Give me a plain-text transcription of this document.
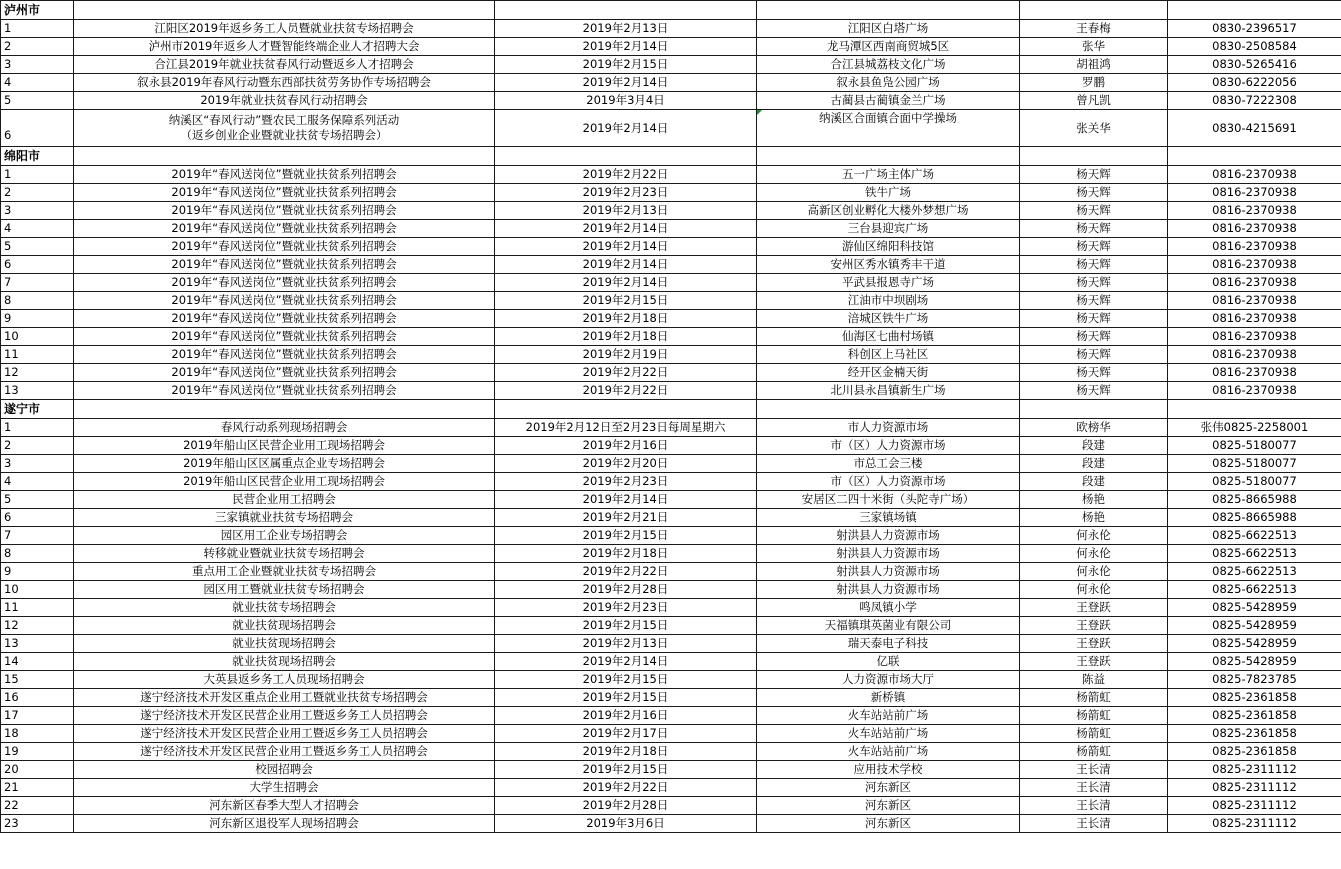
泸州市					
1	江阳区2019年返乡务工人员暨就业扶贫专场招聘会	2019年2月13日	江阳区白塔广场	王春梅	0830-2396517
2	泸州市2019年返乡人才暨智能终端企业人才招聘大会	2019年2月14日	龙马潭区西南商贸城5区	张华	0830-2508584
3	合江县2019年就业扶贫春风行动暨返乡人才招聘会	2019年2月15日	合江县城荔枝文化广场	胡祖鸿	0830-5265416
4	叙永县2019年春风行动暨东西部扶贫劳务协作专场招聘会	2019年2月14日	叙永县鱼凫公园广场	罗鹏	0830-6222056
5	2019年就业扶贫春风行动招聘会	2019年3月4日	古蔺县古蔺镇金兰广场	曾凡凯	0830-7222308
6	纳溪区“春风行动”暨农民工服务保障系列活动
（返乡创业企业暨就业扶贫专场招聘会）	2019年2月14日	纳溪区合面镇合面中学操场	张关华	0830-4215691
绵阳市					
1	2019年“春风送岗位”暨就业扶贫系列招聘会	2019年2月22日	五一广场主体广场	杨天辉	0816-2370938
2	2019年“春风送岗位”暨就业扶贫系列招聘会	2019年2月23日	铁牛广场	杨天辉	0816-2370938
3	2019年“春风送岗位”暨就业扶贫系列招聘会	2019年2月13日	高新区创业孵化大楼外梦想广场	杨天辉	0816-2370938
4	2019年“春风送岗位”暨就业扶贫系列招聘会	2019年2月14日	三台县迎宾广场	杨天辉	0816-2370938
5	2019年“春风送岗位”暨就业扶贫系列招聘会	2019年2月14日	游仙区绵阳科技馆	杨天辉	0816-2370938
6	2019年“春风送岗位”暨就业扶贫系列招聘会	2019年2月14日	安州区秀水镇秀丰干道	杨天辉	0816-2370938
7	2019年“春风送岗位”暨就业扶贫系列招聘会	2019年2月14日	平武县报恩寺广场	杨天辉	0816-2370938
8	2019年“春风送岗位”暨就业扶贫系列招聘会	2019年2月15日	江油市中坝剧场	杨天辉	0816-2370938
9	2019年“春风送岗位”暨就业扶贫系列招聘会	2019年2月18日	涪城区铁牛广场	杨天辉	0816-2370938
10	2019年“春风送岗位”暨就业扶贫系列招聘会	2019年2月18日	仙海区七曲村场镇	杨天辉	0816-2370938
11	2019年“春风送岗位”暨就业扶贫系列招聘会	2019年2月19日	科创区上马社区	杨天辉	0816-2370938
12	2019年“春风送岗位”暨就业扶贫系列招聘会	2019年2月22日	经开区金楠天街	杨天辉	0816-2370938
13	2019年“春风送岗位”暨就业扶贫系列招聘会	2019年2月22日	北川县永昌镇新生广场	杨天辉	0816-2370938
遂宁市					
1	春风行动系列现场招聘会	2019年2月12日至2月23日每周星期六	市人力资源市场	欧榜华	张伟0825-2258001
2	2019年船山区民营企业用工现场招聘会	2019年2月16日	市（区）人力资源市场	段建	0825-5180077
3	2019年船山区区属重点企业专场招聘会	2019年2月20日	市总工会三楼	段建	0825-5180077
4	2019年船山区民营企业用工现场招聘会	2019年2月23日	市（区）人力资源市场	段建	0825-5180077
5	民营企业用工招聘会	2019年2月14日	安居区二四十米街（头陀寺广场）	杨艳	0825-8665988
6	三家镇就业扶贫专场招聘会	2019年2月21日	三家镇场镇	杨艳	0825-8665988
7	园区用工企业专场招聘会	2019年2月15日	射洪县人力资源市场	何永伦	0825-6622513
8	转移就业暨就业扶贫专场招聘会	2019年2月18日	射洪县人力资源市场	何永伦	0825-6622513
9	重点用工企业暨就业扶贫专场招聘会	2019年2月22日	射洪县人力资源市场	何永伦	0825-6622513
10	园区用工暨就业扶贫专场招聘会	2019年2月28日	射洪县人力资源市场	何永伦	0825-6622513
11	就业扶贫专场招聘会	2019年2月23日	鸣凤镇小学	王登跃	0825-5428959
12	就业扶贫现场招聘会	2019年2月15日	天福镇琪英菌业有限公司	王登跃	0825-5428959
13	就业扶贫现场招聘会	2019年2月13日	瑞天泰电子科技	王登跃	0825-5428959
14	就业扶贫现场招聘会	2019年2月14日	亿联	王登跃	0825-5428959
15	大英县返乡务工人员现场招聘会	2019年2月15日	人力资源市场大厅	陈益	0825-7823785
16	遂宁经济技术开发区重点企业用工暨就业扶贫专场招聘会	2019年2月15日	新桥镇	杨箭虹	0825-2361858
17	遂宁经济技术开发区民营企业用工暨返乡务工人员招聘会	2019年2月16日	火车站站前广场	杨箭虹	0825-2361858
18	遂宁经济技术开发区民营企业用工暨返乡务工人员招聘会	2019年2月17日	火车站站前广场	杨箭虹	0825-2361858
19	遂宁经济技术开发区民营企业用工暨返乡务工人员招聘会	2019年2月18日	火车站站前广场	杨箭虹	0825-2361858
20	校园招聘会	2019年2月15日	应用技术学校	王长清	0825-2311112
21	大学生招聘会	2019年2月22日	河东新区	王长清	0825-2311112
22	河东新区春季大型人才招聘会	2019年2月28日	河东新区	王长清	0825-2311112
23	河东新区退役军人现场招聘会	2019年3月6日	河东新区	王长清	0825-2311112
